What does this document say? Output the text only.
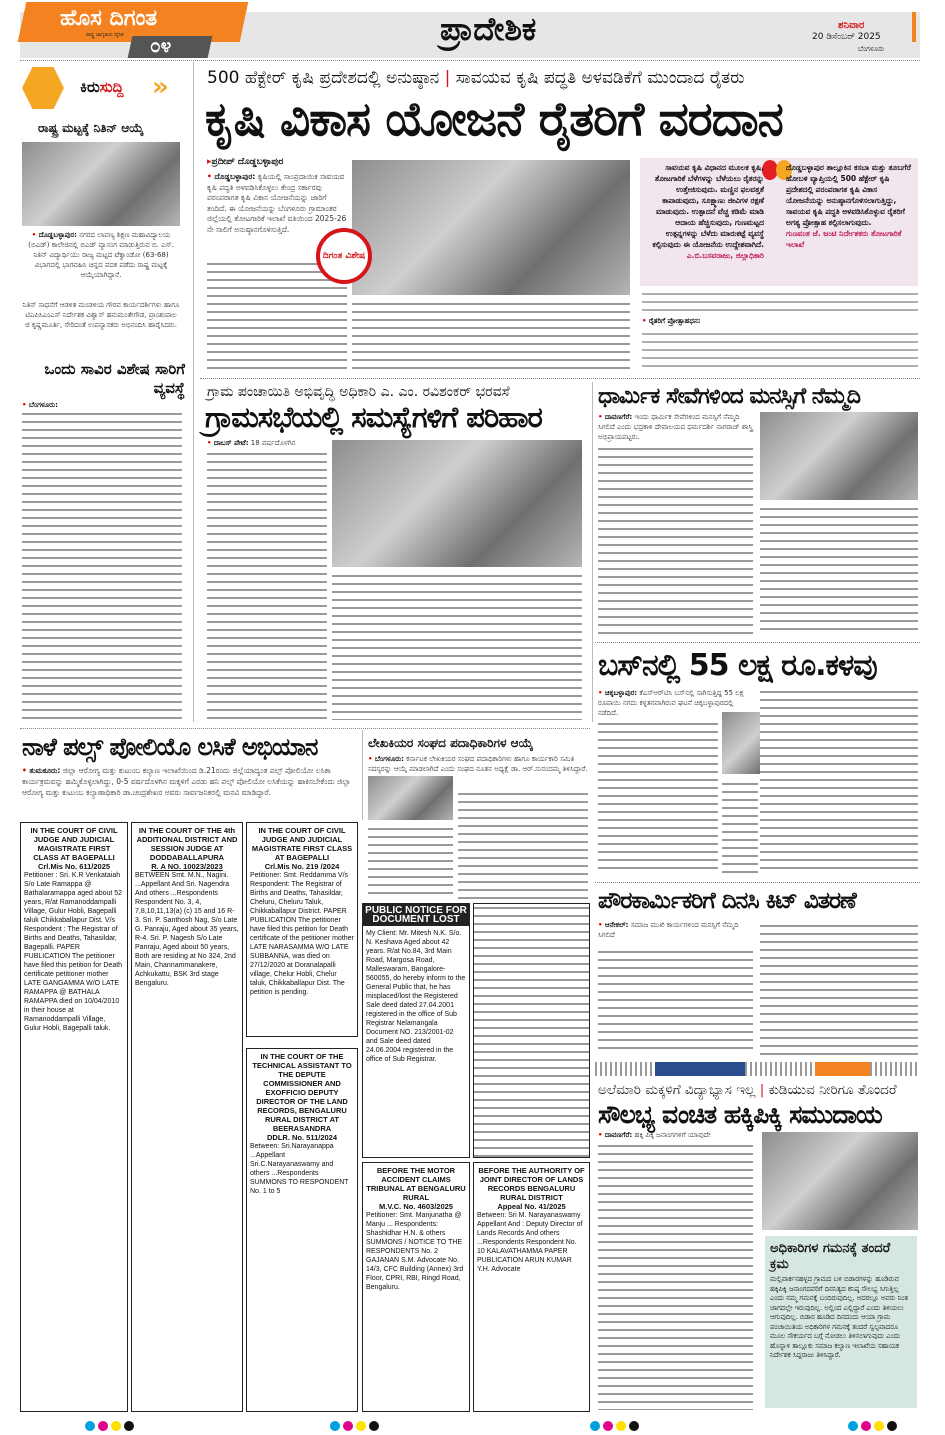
ಹೊಸ ದಿಗಂತ
ರಾಷ್ಟ್ರ ಜಾಗೃತಿಯ ದೈನಿಕ ೦೪	ಪ್ರಾದೇಶಿಕ	ಶನಿವಾರ
20 ಡಿಸೆಂಬರ್ 2025
ಬೆಂಗಳೂರು
ಕಿರುಸುದ್ದಿ »
ರಾಷ್ಟ್ರ ಮಟ್ಟಕ್ಕೆ ನಿತಿನ್ ಆಯ್ಕೆ
• ದೊಡ್ಡಬಳ್ಳಾಪುರ: ನಗರದ ಲಾವಣ್ಯ ಶಿಕ್ಷಣ ಮಹಾವಿದ್ಯಾಲಯ (ಬಿಎಡ್) ಕಾಲೇಜಿನಲ್ಲಿ ಬಿಎಡ್ ವ್ಯಾಸಂಗ ಮಾಡುತ್ತಿರುವ ಬಿ. ಎಸ್. ನಿತಿನ್ ವಿದ್ಯಾರ್ಥಿಯು ರಾಜ್ಯ ಮಟ್ಟದ ಟೆಕ್ವಾಂಡೋ (63-68) ವಿಭಾಗದಲ್ಲಿ ಭಾಗವಹಿಸಿ ಚಿನ್ನದ ಪದಕ ಪಡೆದು ರಾಷ್ಟ್ರ ಮಟ್ಟಕ್ಕೆ ಆಯ್ಕೆಯಾಗಿದ್ದಾನೆ.
ನಿತಿನ್ ಸಾಧನೆಗೆ ಆಡಳಿತ ಮಂಡಳಿಯ ಗೌರವ ಕಾರ್ಯದರ್ಶಿಗಳು ಹಾಗೂ ಟಿಎಪಿಸಿಎಂಎಸ್ ನಿರ್ದೇಶಕ ವಿಶ್ವಾಸ್ ಹನುಮಂತೇಗೌಡ, ಪ್ರಾಂಶುಪಾಲ ಜಿ ಕೃಷ್ಣಮೂರ್ತಿ, ಸೇರಿದಂತೆ ಉಪನ್ಯಾಸಕರು ಅಭಿನಂದಿಸಿ ಹಾರೈಸಿದರು.
ಒಂದು ಸಾವಿರ ವಿಶೇಷ ಸಾರಿಗೆ ವ್ಯವಸ್ಥೆ
• ಬೆಂಗಳೂರು:
500 ಹೆಕ್ಟೇರ್ ಕೃಷಿ ಪ್ರದೇಶದಲ್ಲಿ ಅನುಷ್ಠಾನ | ಸಾವಯವ ಕೃಷಿ ಪದ್ಧತಿ ಅಳವಡಿಕೆಗೆ ಮುಂದಾದ ರೈತರು
ಕೃಷಿ ವಿಕಾಸ ಯೋಜನೆ ರೈತರಿಗೆ ವರದಾನ
▸ಪ್ರದೀಪ್ ದೊಡ್ಡಬಳ್ಳಾಪುರ
• ದೊಡ್ಡಬಳ್ಳಾಪುರ: ಕೃಷಿಯಲ್ಲಿ ಸಾಂಪ್ರದಾಯಿಕ ಸಾವಯವ ಕೃಷಿ ಪದ್ಧತಿ ಅಳವಡಿಸಿಕೊಳ್ಳಲು ಕೇಂದ್ರ ಸರ್ಕಾರವು ಪರಂಪರಾಗತ ಕೃಷಿ ವಿಕಾಸ ಯೋಜನೆಯನ್ನು ಜಾರಿಗೆ ತಂದಿದೆ. ಈ ಯೋಜನೆಯನ್ನು ಬೆಂಗಳೂರು ಗ್ರಾಮಾಂತರ ಜಿಲ್ಲೆಯಲ್ಲಿ ತೋಟಗಾರಿಕೆ ಇಲಾಖೆ ವತಿಯಿಂದ 2025-26 ನೇ ಸಾಲಿಗೆ ಅನುಷ್ಠಾನಗೊಳಿಸುತ್ತಿದೆ.
ದಿಗಂತ ವಿಶೇಷ
ಸಾವಯವ ಕೃಷಿ ವಿಧಾನದ ಮೂಲಕ ಕೃಷಿ, ತೋಟಗಾರಿಕೆ ಬೆಳೆಗಳನ್ನು ಬೆಳೆಯಲು ರೈತರನ್ನು ಉತ್ತೇಜಿಸುವುದು. ಮಣ್ಣಿನ ಫಲವತ್ತತೆ ಕಾಪಾಡುವುದು, ಸೂಕ್ಷ್ಮಾಣು ಜೀವಿಗಳ ರಕ್ಷಣೆ ಮಾಡುವುದು. ಉತ್ಪಾದನೆ ವೆಚ್ಚ ಕಡಿಮೆ ಮಾಡಿ ಆದಾಯ ಹೆಚ್ಚಿಸುವುದು, ಗುಣಮಟ್ಟದ ಉತ್ಪನ್ನಗಳನ್ನು ಬೆಳೆದು ಮಾರುಕಟ್ಟೆ ವ್ಯವಸ್ಥೆ ಕಲ್ಪಿಸುವುದು ಈ ಯೋಜನೆಯ ಉದ್ದೇಶವಾಗಿದೆ.
ಎ.ಬಿ.ಬಸವರಾಜು, ಜಿಲ್ಲಾಧಿಕಾರಿ
ದೊಡ್ಡಬಳ್ಳಾಪುರ ತಾಲ್ಲೂಕಿನ ಕಸಬಾ ಮತ್ತು ತೂಬಗೆರೆ ಹೋಬಳಿ ವ್ಯಾಪ್ತಿಯಲ್ಲಿ 500 ಹೆಕ್ಟೇರ್ ಕೃಷಿ ಪ್ರದೇಶದಲ್ಲಿ ಪರಂಪರಾಗತ ಕೃಷಿ ವಿಕಾಸ ಯೋಜನೆಯನ್ನು ಅನುಷ್ಠಾನಗೊಳಿಸಲಾಗುತ್ತಿದ್ದು, ಸಾವಯವ ಕೃಷಿ ಪದ್ಧತಿ ಅಳವಡಿಸಿಕೊಳ್ಳುವ ರೈತರಿಗೆ ಅಗತ್ಯ ಪ್ರೋತ್ಸಾಹ ಕಲ್ಪಿಸಲಾಗುವುದು.
ಗುಣವಂತ ಜೆ. ಜಂಟಿ ನಿರ್ದೇಶಕರು ತೋಟಗಾರಿಕೆ ಇಲಾಖೆ
• ರೈತರಿಗೆ ಪ್ರೋತ್ಸಾಹಧನ:
ಗ್ರಾಮ ಪಂಚಾಯಿತಿ ಅಭಿವೃದ್ಧಿ ಅಧಿಕಾರಿ ಎ. ಎಂ. ರವಿಶಂಕರ್ ಭರವಸೆ
ಗ್ರಾಮಸಭೆಯಲ್ಲಿ ಸಮಸ್ಯೆಗಳಿಗೆ ಪರಿಹಾರ
• ದಾಬಸ್ ಪೇಟೆ: 18 ವರ್ಷದೊಳಗಿನ
ಧಾರ್ಮಿಕ ಸೇವೆಗಳಿಂದ ಮನಸ್ಸಿಗೆ ನೆಮ್ಮದಿ
• ದಾವಣಗೆರೆ: ಇಂದು ಧಾರ್ಮಿಕ ಸೇವೆಗಳಿಂದ ಮನಸ್ಸಿಗೆ ನೆಮ್ಮದಿ ಸಿಗಲಿದೆ ಎಂದು ಭದ್ರಕಾಳಿ ದೇವಾಲಯದ ಧರ್ಮದರ್ಶಿ ನಾಗರಾಜ್ ಶಾಸ್ತ್ರಿ ಅಭಿಪ್ರಾಯಪಟ್ಟರು.
ಬಸ್‌ನಲ್ಲಿ 55 ಲಕ್ಷ ರೂ.ಕಳವು
• ಚಿಕ್ಕಬಳ್ಳಾಪುರ: ಕೆಎಸ್‌ಆರ್‌ಟಿಸಿ ಬಸ್‌ನಲ್ಲಿ ಸಾಗಿಸುತ್ತಿದ್ದ 55 ಲಕ್ಷ ರೂಪಾಯಿ ನಗದು ಕಳ್ಳತನವಾಗಿರುವ ಘಟನೆ ಚಿಕ್ಕಬಳ್ಳಾಪುರದಲ್ಲಿ ನಡೆದಿದೆ.
ನಾಳೆ ಪಲ್ಸ್ ಪೋಲಿಯೊ ಲಸಿಕೆ ಅಭಿಯಾನ
• ತುಮಕೂರು: ಜಿಲ್ಲಾ ಆರೋಗ್ಯ ಮತ್ತು ಕುಟುಂಬ ಕಲ್ಯಾಣ ಇಲಾಖೆಯಿಂದ ಡಿ.21ರಂದು ಜಿಲ್ಲೆಯಾದ್ಯಂತ ಪಲ್ಸ್ ಪೋಲಿಯೋ ಲಸಿಕಾ ಕಾರ್ಯಕ್ರಮವನ್ನು ಹಮ್ಮಿಕೊಳ್ಳಲಾಗಿದ್ದು, 0-5 ವರ್ಷದೊಳಗಿನ ಮಕ್ಕಳಿಗೆ ಎರಡು ಹನಿ ಪಲ್ಸ್ ಪೋಲಿಯೋ ಲಸಿಕೆಯನ್ನು ಹಾಕಿಸಬೇಕೆಂದು ಜಿಲ್ಲಾ ಆರೋಗ್ಯ ಮತ್ತು ಕುಟುಂಬ ಕಲ್ಯಾಣಾಧಿಕಾರಿ ಡಾ.ಚಂದ್ರಶೇಖರ ಅವರು ಸಾರ್ವಜನಿಕರಲ್ಲಿ ಮನವಿ ಮಾಡಿದ್ದಾರೆ.
ಲೇಖಕಿಯರ ಸಂಘದ ಪದಾಧಿಕಾರಿಗಳ ಆಯ್ಕೆ
• ಬೆಂಗಳೂರು: ಕರ್ನಾಟಕ ಲೇಖಕಿಯರ ಸಂಘದ ಪದಾಧಿಕಾರಿಗಳು ಹಾಗೂ ಕಾರ್ಯಕಾರಿ ಸಮಿತಿ ಸದಸ್ಯರನ್ನು ಆಯ್ಕೆ ಮಾಡಲಾಗಿದೆ ಎಂದು ಸಂಘದ ನೂತನ ಅಧ್ಯಕ್ಷೆ ಡಾ. ಆರ್.ಸುನಂದಮ್ಮ ತಿಳಿಸಿದ್ದಾರೆ.
IN THE COURT OF CIVIL JUDGE AND JUDICIAL MAGISTRATE FIRST CLASS AT BAGEPALLI
Crl.Mis No. 611/2025
Petitioner : Sri. K.R Venkataiah S/o Late Ramappa @ Bathalaramappa aged about 52 years, R/at Ramanoddampalli Village, Gulur Hobli, Bagepalli taluk Chikkaballapur Dist. V/s Respondent : The Registrar of Births and Deaths, Tahasildar, Bagepalli. PAPER PUBLICATION The petitioner have filed this petition for Death certificate petitioner mother LATE GANGAMMA W/O LATE RAMAPPA @ BATHALA RAMAPPA died on 10/04/2010 in their house at Ramanoddampalli Village, Gulur Hobli, Bagepalli taluk.
IN THE COURT OF THE 4th ADDITIONAL DISTRICT AND SESSION JUDGE AT DODDABALLAPURA
R. A NO. 10023/2023
BETWEEN Smt. M.N., Nagini. ...Appellant And Sri. Nagendra And others ...Respondents Respondent No. 3, 4, 7,8,10,11,13(a) (c) 15 and 16 R-3. Sri. P. Santhosh Nag, S/o Late G. Panraju, Aged about 35 years, R-4. Sri. P. Nagesh S/o Late Panraju, Aged about 50 years, Both are residing at No 324, 2nd Main, Channammanakere, Achkukattu, BSK 3rd stage Bengaluru.
IN THE COURT OF CIVIL JUDGE AND JUDICIAL MAGISTRATE FIRST CLASS AT BAGEPALLI
Crl.Mis No. 219 /2024
Petitioner: Smt. Reddamma V/s Respondent: The Registrar of Births and Deaths, Tahasildar, Cheluru, Cheluru Taluk, Chikkaballapur District. PAPER PUBLICATION The petitioner have filed this petition for Death certificate of the petitioner mother LATE NARASAMMA W/O LATE SUBBANNA, was died on 27/12/2020 at Doranalapalli village, Chelur Hobli, Chelur taluk, Chikkaballapur Dist. The petition is pending.
IN THE COURT OF THE TECHNICAL ASSISTANT TO THE DEPUTE COMMISSIONER AND EXOFFICIO DEPUTY DIRECTOR OF THE LAND RECORDS, BENGALURU RURAL DISTRICT AT BEERASANDRA
DDLR. No. 511/2024
Between: Sri.Narayanappa ...Appellant Sri.C.Narayanaswamy and others ...Respondents SUMMONS TO RESPONDENT No. 1 to 5
PUBLIC NOTICE FOR DOCUMENT LOST
My Client: Mr. Mitesh N.K. S/o. N. Keshava Aged about 42 years. R/at No.84, 3rd Main Road, Margosa Road, Malleswaram, Bangalore-560055, do hereby inform to the General Public that, he has misplaced/lost the Registered Sale deed dated 27.04.2001 registered in the office of Sub Registrar Nelamangala Document NO. 213/2001-02 and Sale deed dated 24.06.2004 registered in the office of Sub Registrar.
BEFORE THE MOTOR ACCIDENT CLAIMS TRIBUNAL AT BENGALURU RURAL
M.V.C. No. 4603/2025
Petitioner: Smt. Manjunatha @ Manju ... Respondents: Shashidhar H.N. & others SUMMONS / NOTICE TO THE RESPONDENTS No. 2 GAJANAN S.M. Advocate No. 14/3, CFC Building (Annex) 3rd Floor, CPRI, RBI, Ringd Road, Bengaluru.
BEFORE THE AUTHORITY OF JOINT DIRECTOR OF LANDS RECORDS BENGALURU RURAL DISTRICT
Appeal No. 41/2025
Between: Sri M. Narayanaswamy Appellant And : Deputy Director of Lands Records And others ...Respondents Respondent No. 10 KALAVATHAMMA PAPER PUBLICATION ARUN KUMAR Y.H. Advocate
ಪೌರಕಾರ್ಮಿಕರಿಗೆ ದಿನಸಿ ಕಿಟ್ ವಿತರಣೆ
• ಆನೇಕಲ್: ಸಮಾಜ ಮುಖಿ ಕಾರ್ಯಗಳಿಂದ ಮನಸ್ಸಿಗೆ ನೆಮ್ಮದಿ ಸಿಗಲಿದೆ
ಅಲೆಮಾರಿ ಮಕ್ಕಳಿಗೆ ವಿದ್ಯಾಭ್ಯಾಸ ಇಲ್ಲ | ಕುಡಿಯುವ ನೀರಿಗೂ ತೊಂದರೆ
ಸೌಲಭ್ಯ ವಂಚಿತ ಹಕ್ಕಿಪಿಕ್ಕಿ ಸಮುದಾಯ
• ದಾವಣಗೆರೆ: ಹಕ್ಕಿ ಪಿಕ್ಕಿ ಜನಾಂಗಗಳಿಗೆ ಯಾವುದೇ
ಅಧಿಕಾರಿಗಳ ಗಮನಕ್ಕೆ ತಂದರೆ ಕ್ರಮ
ಮಲ್ಲಿಪಾರ್ಕನಹಳ್ಳದ ಗ್ರಾಮದ ಬಳಿ ಬಿಡಾರಗಳನ್ನು ಹೂಡಿರುವ ಹಕ್ಕಿಪಿಕ್ಕಿ ಜನಾಂಗದವರಿಗೆ ದಿನನಿತ್ಯದ ಕನಿಷ್ಠ ಸೌಲಭ್ಯ ಸಿಗುತ್ತಿಲ್ಲ ಎಂದು ನಮ್ಮ ಗಮನಕ್ಕೆ ಬಂದಿರುವುದಿಲ್ಲ. ಅದರಲ್ಲೂ ಅವರು ನಿಂತ ಜಾಗದಲ್ಲೇ ಇರುವುದಿಲ್ಲ. ಅಲ್ಲಿಂದ ಎಲ್ಲಿದ್ದಾರೆ ಎಂದು ತಿಳಿಯಲು ಆಗುವುದಿಲ್ಲ. ಬಿಡಾರ ಹೂಡಿದ ದಿನದಂದು ಆಯಾ ಗ್ರಾಮ ಪಂಚಾಯಿತಿಯ ಅಧಿಕಾರಿಗಳ ಗಮನಕ್ಕೆ ತಂದರೆ ಸ್ವಲ್ಪವಾದರೂ ಮೂಲ ಸೌಕರ್ಯದ ಬಗ್ಗೆ ನೋಡಲು ತಿಳಿಸಲಾಗುವುದು ಎಂದು ಹೊನ್ನಾಳಿ ತಾಲ್ಲೂಕು ಸಮಾಜ ಕಲ್ಯಾಣ ಇಲಾಖೆಯ ಸಹಾಯಕ ನಿರ್ದೇಶಕ ಸಿದ್ದರಾಜು ತಿಳಿಸಿದ್ದಾರೆ.
